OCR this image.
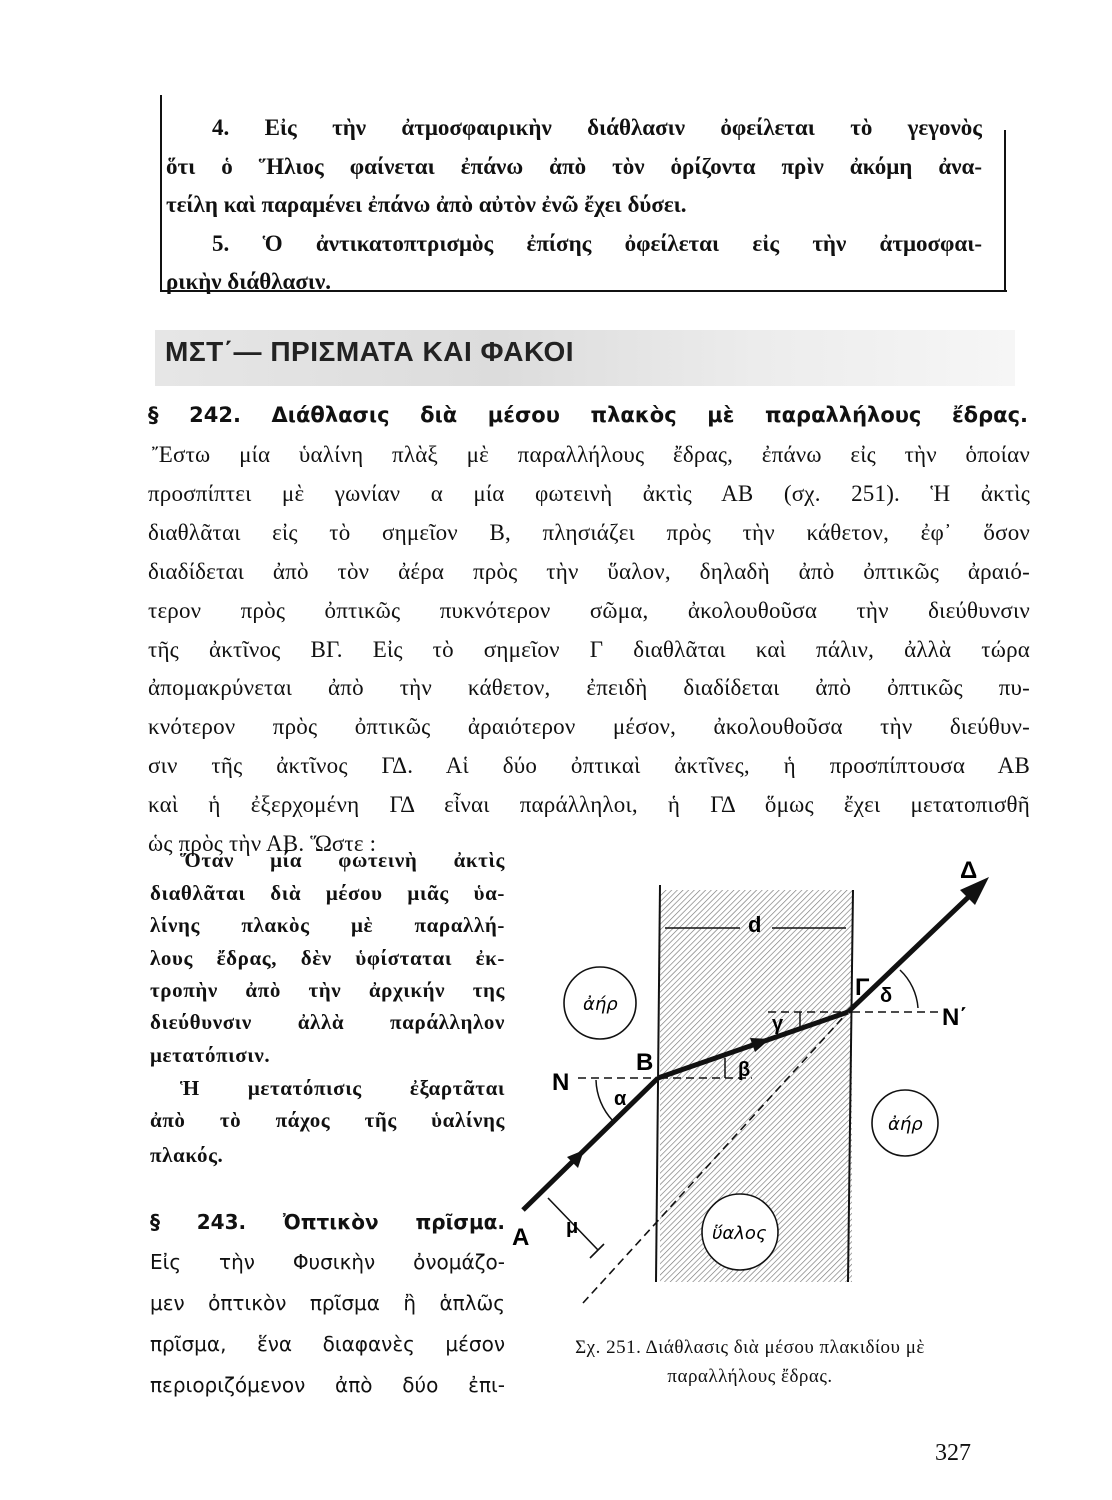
4. Εἰς τὴν ἀτμοσφαιρικὴν διάθλασιν ὀφείλεται τὸ γεγονὸς
ὅτι ὁ Ἥλιος φαίνεται ἐπάνω ἀπὸ τὸν ὁρίζοντα πρὶν ἀκόμη ἀνα-
τείλη καὶ παραμένει ἐπάνω ἀπὸ αὐτὸν ἐνῶ ἔχει δύσει.
5. Ὁ ἀντικατοπτρισμὸς ἐπίσης ὀφείλεται εἰς τὴν ἀτμοσφαι-
ρικὴν διάθλασιν.
ΜΣΤ΄— ΠΡΙΣΜΑΤΑ ΚΑΙ ΦΑΚΟΙ
§ 242. Διάθλασις διὰ μέσου πλακὸς μὲ παραλλήλους ἔδρας.
Ἔστω μία ὑαλίνη πλὰξ μὲ παραλλήλους ἔδρας, ἐπάνω εἰς τὴν ὁποίαν
προσπίπτει μὲ γωνίαν α μία φωτεινὴ ἀκτὶς ΑΒ (σχ. 251). Ἡ ἀκτὶς
διαθλᾶται εἰς τὸ σημεῖον Β, πλησιάζει πρὸς τὴν κάθετον, ἐφ᾽ ὅσον
διαδίδεται ἀπὸ τὸν ἀέρα πρὸς τὴν ὕαλον, δηλαδὴ ἀπὸ ὀπτικῶς ἀραιό-
τερον πρὸς ὀπτικῶς πυκνότερον σῶμα, ἀκολουθοῦσα τὴν διεύθυνσιν
τῆς ἀκτῖνος ΒΓ. Εἰς τὸ σημεῖον Γ διαθλᾶται καὶ πάλιν, ἀλλὰ τώρα
ἀπομακρύνεται ἀπὸ τὴν κάθετον, ἐπειδὴ διαδίδεται ἀπὸ ὀπτικῶς πυ-
κνότερον πρὸς ὀπτικῶς ἀραιότερον μέσον, ἀκολουθοῦσα τὴν διεύθυν-
σιν τῆς ἀκτῖνος ΓΔ. Αἱ δύο ὀπτικαὶ ἀκτῖνες, ἡ προσπίπτουσα ΑΒ
καὶ ἡ ἐξερχομένη ΓΔ εἶναι παράλληλοι, ἡ ΓΔ ὅμως ἔχει μετατοπισθῆ
ὡς πρὸς τὴν ΑΒ. Ὥστε :
Ὅταν μία φωτεινὴ ἀκτὶς
διαθλᾶται διὰ μέσου μιᾶς ὑα-
λίνης πλακὸς μὲ παραλλή-
λους ἔδρας, δὲν ὑφίσταται ἐκ-
τροπὴν ἀπὸ τὴν ἀρχικήν της
διεύθυνσιν ἀλλὰ παράλληλον
μετατόπισιν.
Ἡ μετατόπισις ἐξαρτᾶται
ἀπὸ τὸ πάχος τῆς ὑαλίνης
πλακός.
§ 243. Ὀπτικὸν πρῖσμα.
Εἰς τὴν Φυσικὴν ὀνομάζο-
μεν ὀπτικὸν πρῖσμα ἢ ἁπλῶς
πρῖσμα, ἕνα διαφανὲς μέσον
περιοριζόμενον ἀπὸ δύο ἐπι-
d
Α
Β
Γ
Δ
Ν
Ν΄
α
β
γ
δ
μ
ἀήρ
ἀήρ
ὕαλος
Σχ. 251. Διάθλασις διὰ μέσου πλακιδίου μὲ
παραλλήλους ἔδρας.
327
